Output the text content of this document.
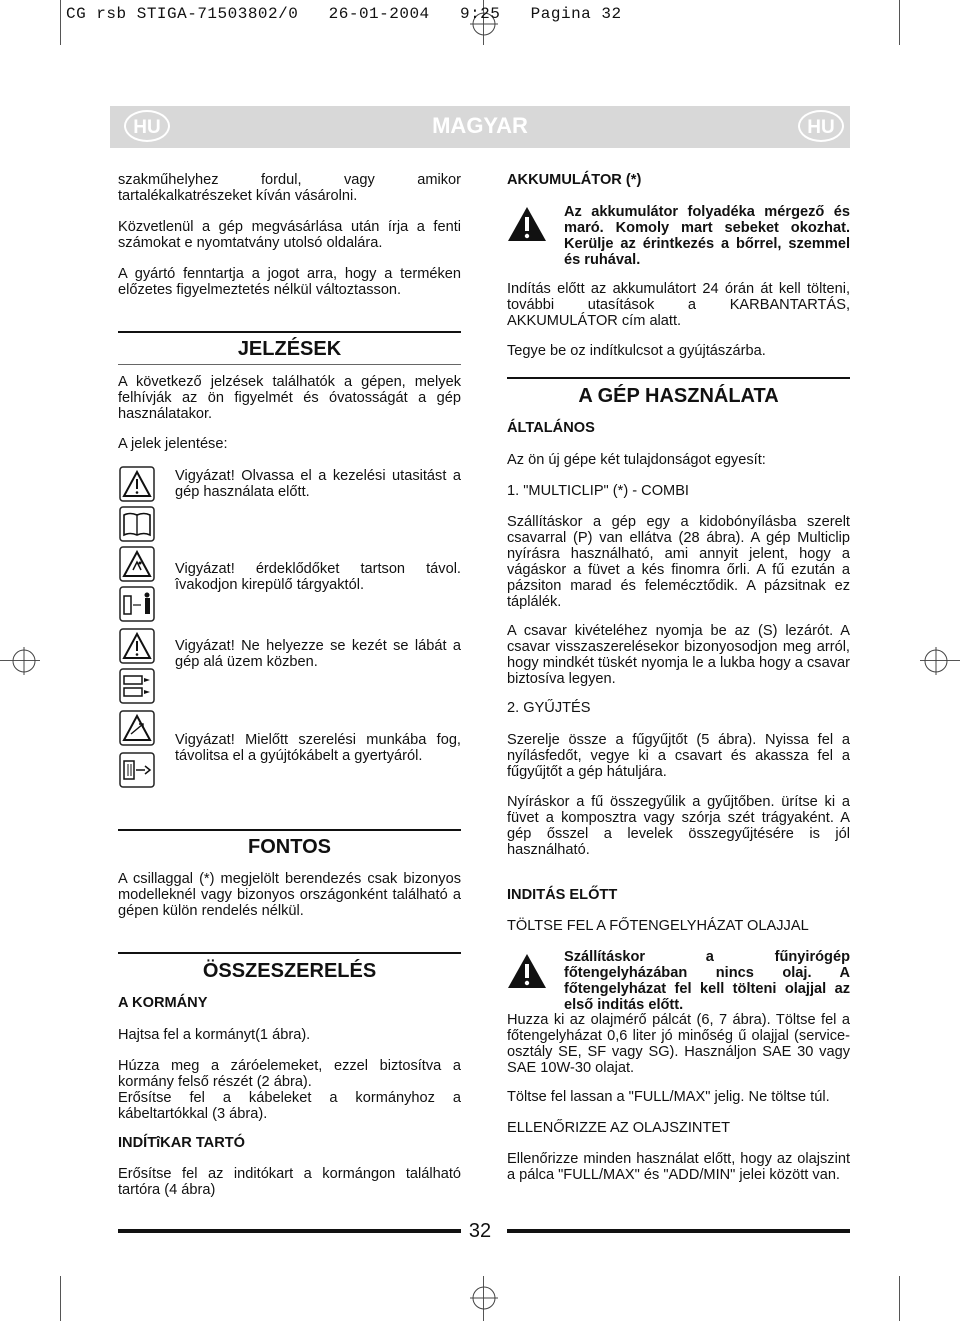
CG rsb STIGA-71503802/0   26-01-2004   9:25   Pagina 32
HU	MAGYAR	HU

szakműhelyhez fordul, vagy amikor tartalékalkatrészeket kíván vásárolni.

Közvetlenül a gép megvásárlása után írja a fenti számokat e nyomtatvány utolsó oldalára.

A gyártó fenntartja a jogot arra, hogy a terméken előzetes figyelmeztetés nélkül változtasson.

JELZÉSEK

A következő jelzések találhatók a gépen, melyek felhívják az ön figyelmét és óvatosságát a gép használatakor.

A jelek jelentése:

Vigyázat! Olvassa el a kezelési utasitást a gép használata előtt.

Vigyázat! érdeklődőket tartson távol. îvakodjon kirepülő tárgyaktól.

Vigyázat! Ne helyezze se kezét se lábát a gép alá üzem közben.

Vigyázat! Mielőtt szerelési munkába fog, távolitsa el a gyújtókábelt a gyertyáról.

FONTOS

A csillaggal (*) megjelölt berendezés csak bizonyos modelleknél vagy bizonyos országonként található a gépen külön rendelés nélkül.

ÖSSZESZERELÉS
A KORMÁNY

Hajtsa fel a kormányt(1 ábra).

Húzza meg a záróelemeket, ezzel biztosítva a kormány felső részét (2 ábra).

Erősítse fel a kábeleket a kormányhoz a kábeltartókkal (3 ábra).

INDÍTîKAR TARTÓ

Erősítse fel az inditókart a kormángon található tartóra (4 ábra)

AKKUMULÁTOR (*)

Az akkumulátor folyadéka mérgező és maró. Komoly mart sebeket okozhat. Kerülje az érintkezés a bőrrel, szemmel és ruhával.

Indítás előtt az akkumulátort 24 órán át kell tölteni, további utasítások a KARBANTARTÁS, AKKUMULÁTOR cím alatt.

Tegye be oz indítkulcsot a gyújtászárba.

A GÉP HASZNÁLATA
ÁLTALÁNOS

Az ön új gépe két tulajdonságot egyesít:

1. "MULTICLIP" (*) - COMBI

Szállításkor a gép egy a kidobónyílásba szerelt csavarral (P) van ellátva (28 ábra). A gép Multiclip nyírásra használható, ami annyit jelent, hogy a vágáskor a füvet a kés finomra őrli. A fű ezután a pázsiton marad és feleméсztődik. A pázsitnak ez táplálék.

A csavar kivételéhez nyomja be az (S) lezárót. A csavar visszaszerelésekor bizonyosodjon meg arról, hogy mindkét tüskét nyomja le a lukba hogy a csavar biztosíva legyen.

2. GYŰJTÉS

Szerelje össze a fűgyűjtőt (5 ábra). Nyissa fel a nyílásfedőt, vegye ki a csavart és akassza fel a fűgyűjtőt a gép hátuljára.

Nyíráskor a fű összegyűlik a gyűjtőben. ürítse ki a füvet a komposztra vagy szórja szét trágyaként. A gép ősszel a levelek összegyűjtésére is jól használható.

INDITÁS ELŐTT

TÖLTSE FEL A FŐTENGELYHÁZAT OLAJJAL

Szállításkor a fűnyirógép főtengelyházában nincs olaj. A főtengelyházat fel kell tölteni olajjal az első inditás előtt.

Huzza ki az olajmérő pálcát (6, 7 ábra). Töltse fel a főtengelyházat 0,6 liter jó minőség ű olajjal (service-osztály SE, SF vagy SG). Használjon SAE 30 vagy SAE 10W-30 olajat.

Töltse fel lassan a "FULL/MAX" jelig. Ne töltse túl.

ELLENŐRIZZE AZ OLAJSZINTET

Ellenőrizze minden használat előtt, hogy az olajszint a pálca "FULL/MAX" és "ADD/MIN" jelei között van.

32
